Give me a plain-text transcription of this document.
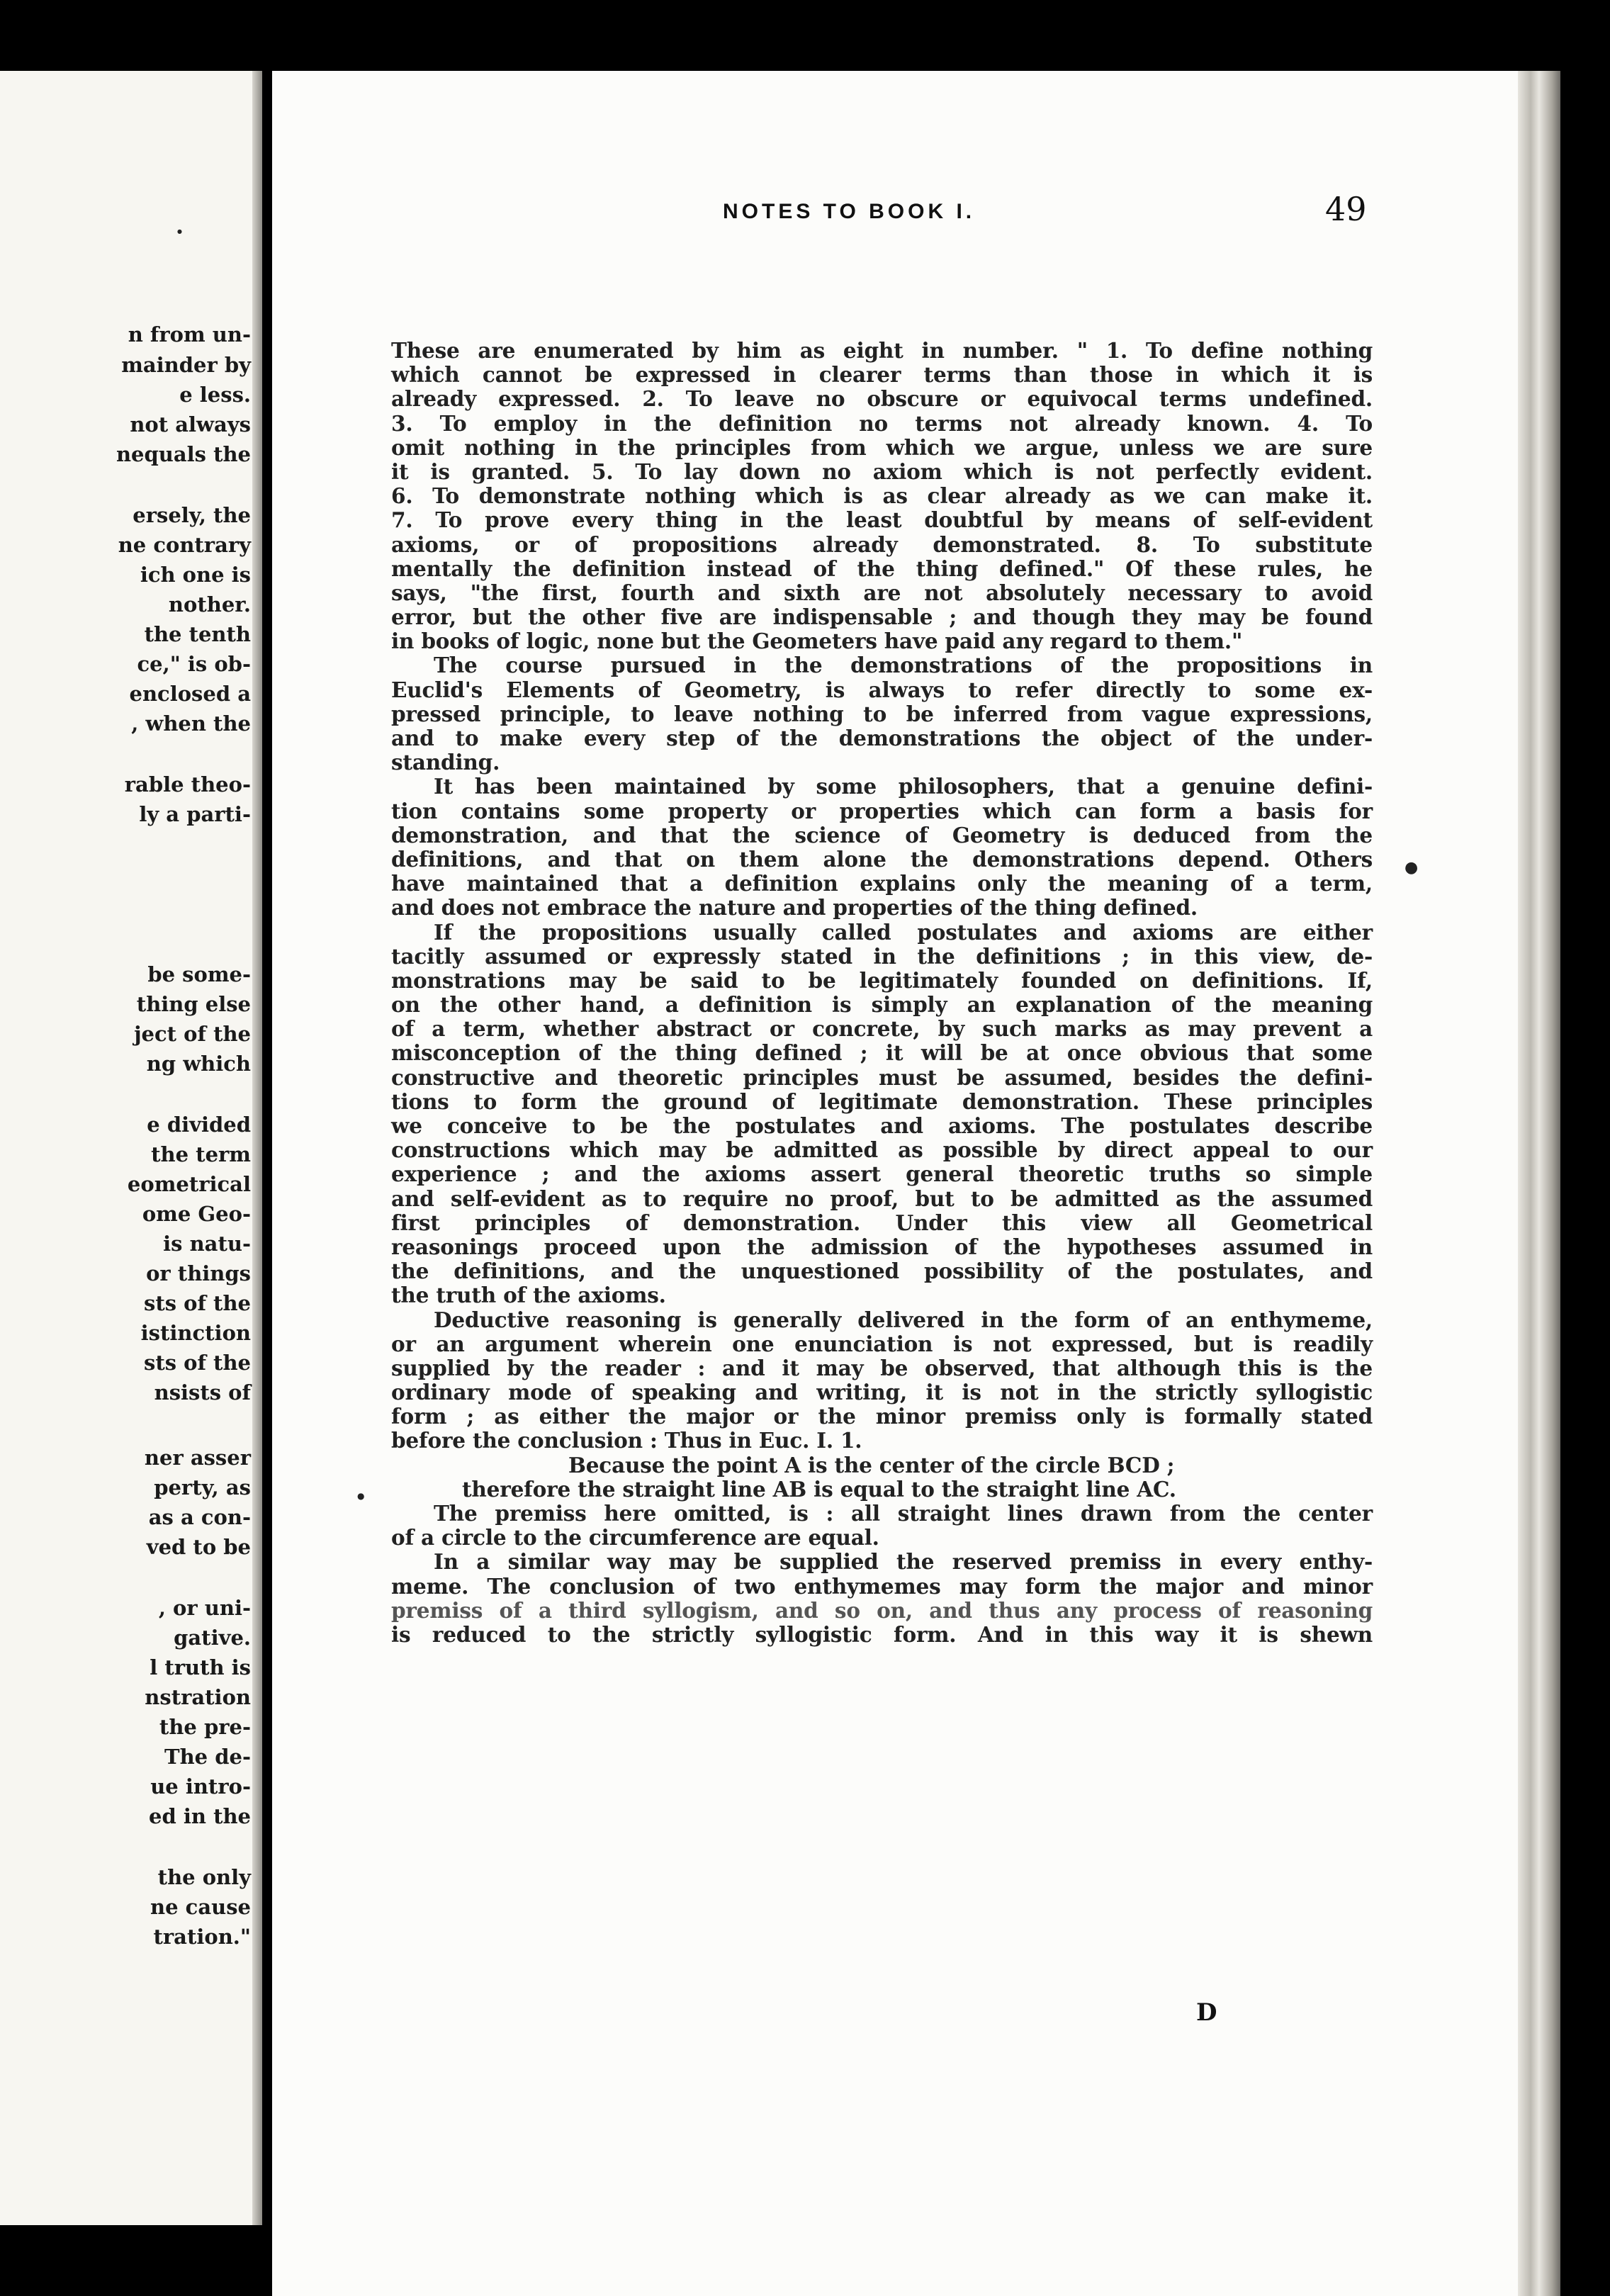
n from un-
mainder by
e less.
not always
nequals the
ersely, the
ne contrary
ich one is
nother.
the tenth
ce," is ob-
enclosed a
, when the
rable theo-
ly a parti-
be some-
thing else
ject of the
ng which
e divided
the term
eometrical
ome Geo-
is natu-
or things
sts of the
istinction
sts of the
nsists of
ner asser
perty, as
as a con-
ved to be
, or uni-
gative.
l truth is
nstration
the pre-
The de-
ue intro-
ed in the
the only
ne cause
tration."
NOTES TO BOOK I.	49
These are enumerated by him as eight in number. " 1. To define nothing
which cannot be expressed in clearer terms than those in which it is
already expressed. 2. To leave no obscure or equivocal terms undefined.
3. To employ in the definition no terms not already known. 4. To
omit nothing in the principles from which we argue, unless we are sure
it is granted. 5. To lay down no axiom which is not perfectly evident.
6. To demonstrate nothing which is as clear already as we can make it.
7. To prove every thing in the least doubtful by means of self-evident
axioms, or of propositions already demonstrated. 8. To substitute
mentally the definition instead of the thing defined." Of these rules, he
says, "the first, fourth and sixth are not absolutely necessary to avoid
error, but the other five are indispensable ; and though they may be found
in books of logic, none but the Geometers have paid any regard to them."
The course pursued in the demonstrations of the propositions in
Euclid's Elements of Geometry, is always to refer directly to some ex-
pressed principle, to leave nothing to be inferred from vague expressions,
and to make every step of the demonstrations the object of the under-
standing.
It has been maintained by some philosophers, that a genuine defini-
tion contains some property or properties which can form a basis for
demonstration, and that the science of Geometry is deduced from the
definitions, and that on them alone the demonstrations depend. Others
have maintained that a definition explains only the meaning of a term,
and does not embrace the nature and properties of the thing defined.
If the propositions usually called postulates and axioms are either
tacitly assumed or expressly stated in the definitions ; in this view, de-
monstrations may be said to be legitimately founded on definitions. If,
on the other hand, a definition is simply an explanation of the meaning
of a term, whether abstract or concrete, by such marks as may prevent a
misconception of the thing defined ; it will be at once obvious that some
constructive and theoretic principles must be assumed, besides the defini-
tions to form the ground of legitimate demonstration. These principles
we conceive to be the postulates and axioms. The postulates describe
constructions which may be admitted as possible by direct appeal to our
experience ; and the axioms assert general theoretic truths so simple
and self-evident as to require no proof, but to be admitted as the assumed
first principles of demonstration. Under this view all Geometrical
reasonings proceed upon the admission of the hypotheses assumed in
the definitions, and the unquestioned possibility of the postulates, and
the truth of the axioms.
Deductive reasoning is generally delivered in the form of an enthymeme,
or an argument wherein one enunciation is not expressed, but is readily
supplied by the reader : and it may be observed, that although this is the
ordinary mode of speaking and writing, it is not in the strictly syllogistic
form ; as either the major or the minor premiss only is formally stated
before the conclusion : Thus in Euc. I. 1.
Because the point A is the center of the circle BCD ;
therefore the straight line AB is equal to the straight line AC.
The premiss here omitted, is : all straight lines drawn from the center
of a circle to the circumference are equal.
In a similar way may be supplied the reserved premiss in every enthy-
meme. The conclusion of two enthymemes may form the major and minor
premiss of a third syllogism, and so on, and thus any process of reasoning
is reduced to the strictly syllogistic form. And in this way it is shewn
D
●
●
●
